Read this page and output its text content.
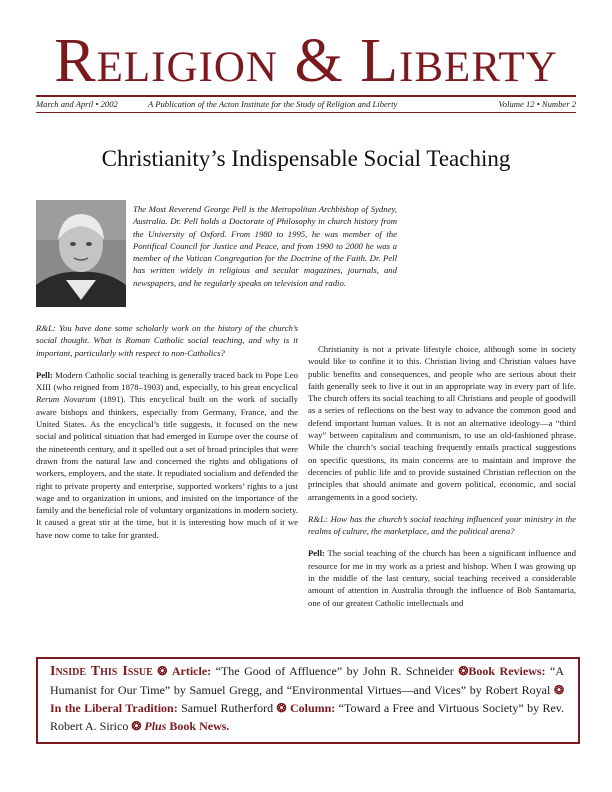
Religion & Liberty
March and April • 2002	A Publication of the Acton Institute for the Study of Religion and Liberty	Volume 12 • Number 2
Christianity’s Indispensable Social Teaching
The Most Reverend George Pell is the Metropolitan Archbishop of Sydney, Australia. Dr. Pell holds a Doctorate of Philosophy in church history from the University of Oxford. From 1980 to 1995, he was member of the Pontifical Council for Justice and Peace, and from 1990 to 2000 he was a member of the Vatican Congregation for the Doctrine of the Faith. Dr. Pell has written widely in religious and secular magazines, journals, and newspapers, and he regularly speaks on television and radio.

R&L: You have done some scholarly work on the history of the church’s social thought. What is Roman Catholic social teaching, and why is it important, particularly with respect to non-Catholics?

Pell: Modern Catholic social teaching is generally traced back to Pope Leo XIII (who reigned from 1878–1903) and, especially, to his great encyclical Rerum Novarum (1891). This encyclical built on the work of socially aware bishops and thinkers, especially from Germany, France, and the United States. As the encyclical’s title suggests, it focused on the new social and political situation that had emerged in Europe over the course of the nineteenth century, and it spelled out a set of broad principles that were drawn from the natural law and concerned the rights and obligations of workers, employers, and the state. It repudiated socialism and defended the right to private property and enterprise, supported workers’ rights to a just wage and to organization in unions, and insisted on the importance of the family and the beneficial role of voluntary organizations in modern society. It caused a great stir at the time, but it is interesting how much of it we have now come to take for granted.

Christianity is not a private lifestyle choice, although some in society would like to confine it to this. Christian living and Christian values have public benefits and consequences, and people who are serious about their faith generally seek to live it out in an appropriate way in every part of life. The church offers its social teaching to all Christians and people of goodwill as a series of reflections on the best way to advance the common good and defend important human values. It is not an alternative ideology—a “third way” between capitalism and communism, to use an old-fashioned phrase. While the church’s social teaching frequently entails practical suggestions on specific questions, its main concerns are to maintain and improve the decencies of public life and to provide sustained Christian reflection on the principles that should animate and govern political, economic, and social arrangements in a good society.

R&L: How has the church’s social teaching influenced your ministry in the realms of culture, the marketplace, and the political arena?

Pell: The social teaching of the church has been a significant influence and resource for me in my work as a priest and bishop. When I was growing up in the middle of the last century, social teaching received a considerable amount of attention in Australia through the influence of Bob Santamaria, one of our greatest Catholic intellectuals and

Inside This Issue ❂ Article: “The Good of Affluence” by John R. Schneider ❂Book Reviews: “A Humanist for Our Time” by Samuel Gregg, and “Environmental Virtues—and Vices” by Robert Royal ❂ In the Liberal Tradition: Samuel Rutherford ❂ Column: “Toward a Free and Virtuous Society” by Rev. Robert A. Sirico ❂ Plus Book News.
